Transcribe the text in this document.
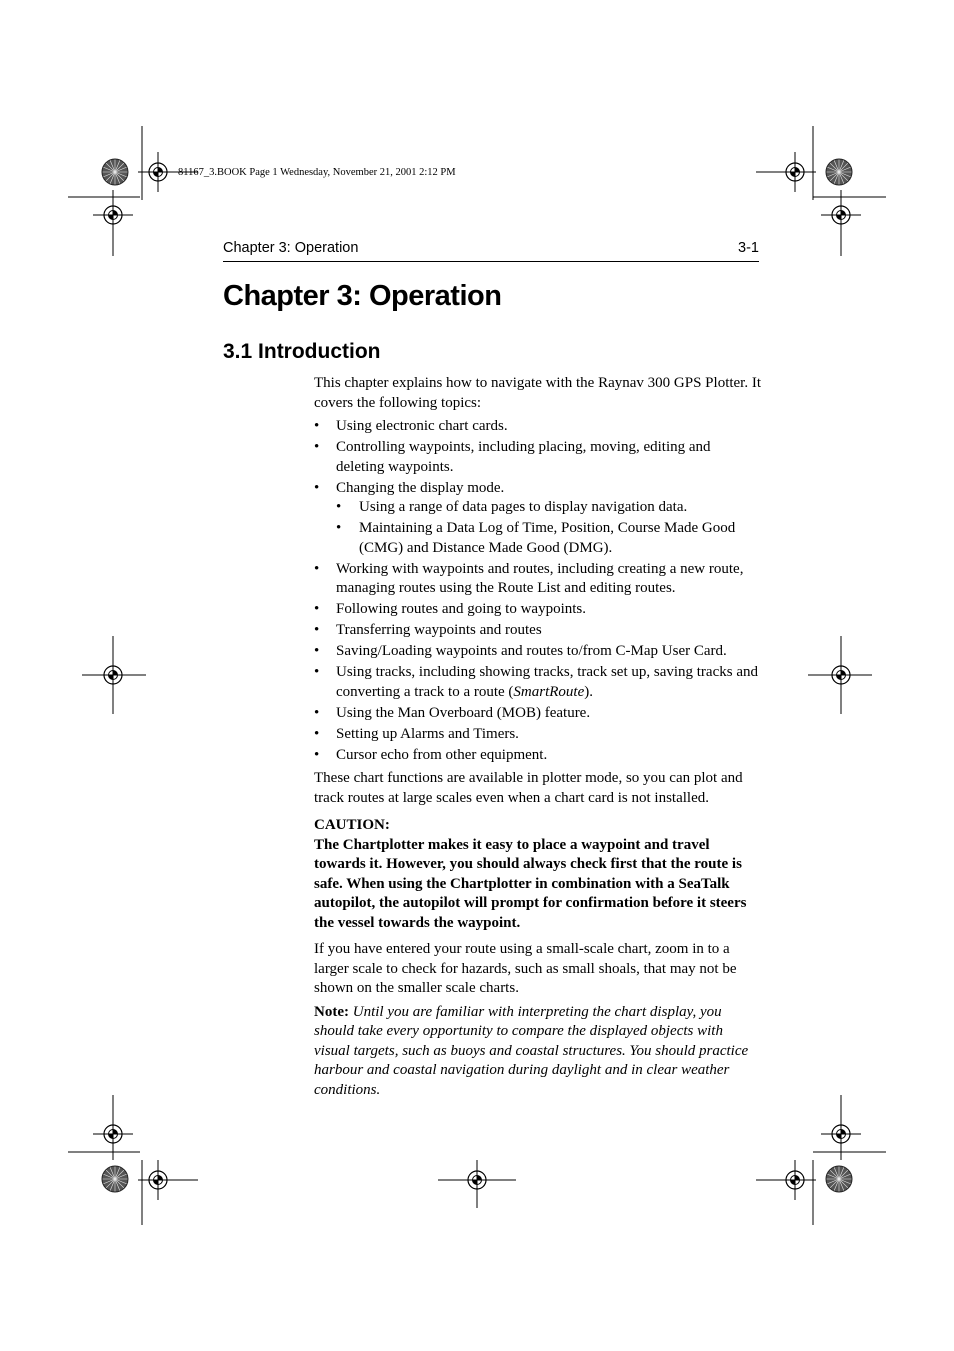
81167_3.BOOK Page 1 Wednesday, November 21, 2001 2:12 PM
Chapter 3: Operation	3-1
Chapter 3: Operation
3.1 Introduction

This chapter explains how to navigate with the Raynav 300 GPS Plotter. It covers the following topics:

• Using electronic chart cards.
• Controlling waypoints, including placing, moving, editing and deleting waypoints.
• Changing the display mode.
• Using a range of data pages to display navigation data.
• Maintaining a Data Log of Time, Position, Course Made Good (CMG) and Distance Made Good (DMG).
• Working with waypoints and routes, including creating a new route, managing routes using the Route List and editing routes.
• Following routes and going to waypoints.
• Transferring waypoints and routes
• Saving/Loading waypoints and routes to/from C-Map User Card.
• Using tracks, including showing tracks, track set up, saving tracks and converting a track to a route (SmartRoute).
• Using the Man Overboard (MOB) feature.
• Setting up Alarms and Timers.
• Cursor echo from other equipment.

These chart functions are available in plotter mode, so you can plot and track routes at large scales even when a chart card is not installed.

CAUTION:
The Chartplotter makes it easy to place a waypoint and travel towards it. However, you should always check first that the route is safe. When using the Chartplotter in combination with a SeaTalk autopilot, the autopilot will prompt for confirmation before it steers the vessel towards the waypoint.

If you have entered your route using a small-scale chart, zoom in to a larger scale to check for hazards, such as small shoals, that may not be shown on the smaller scale charts.

Note: Until you are familiar with interpreting the chart display, you should take every opportunity to compare the displayed objects with visual targets, such as buoys and coastal structures. You should practice harbour and coastal navigation during daylight and in clear weather conditions.
